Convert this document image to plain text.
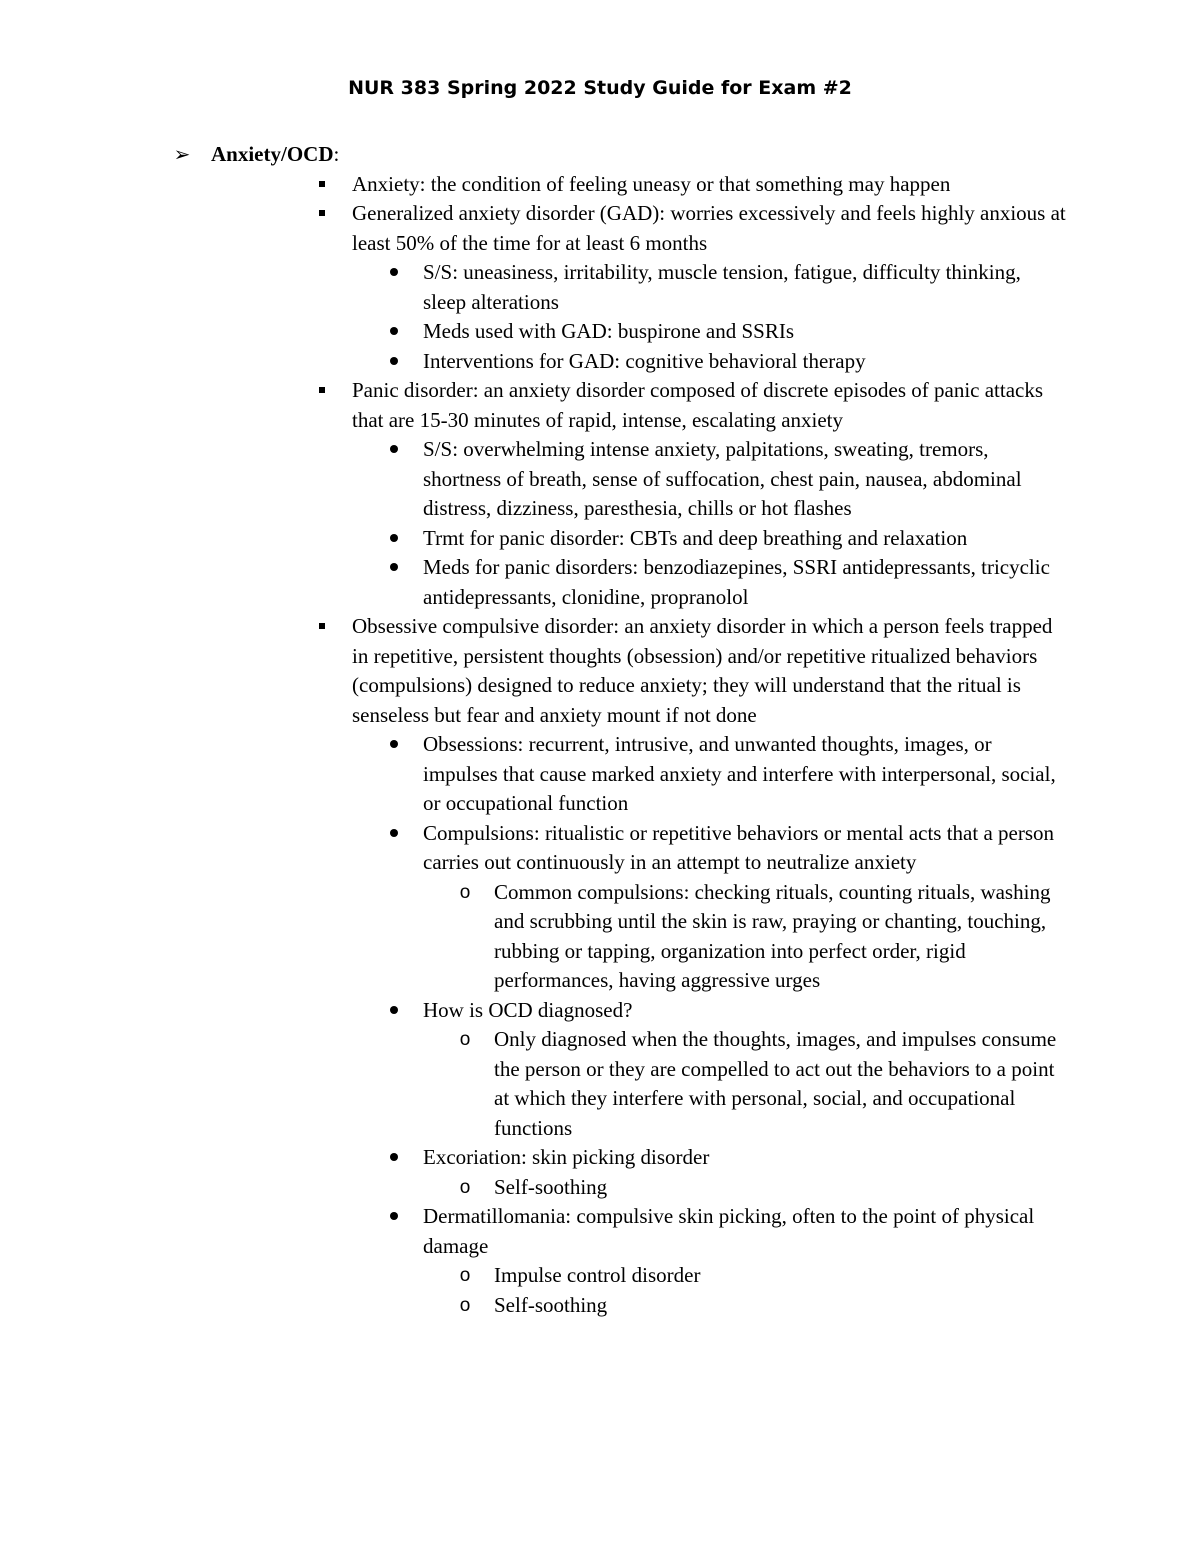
NUR 383 Spring 2022 Study Guide for Exam #2
➢ Anxiety/OCD:
Anxiety: the condition of feeling uneasy or that something may happen
Generalized anxiety disorder (GAD): worries excessively and feels highly anxious at least 50% of the time for at least 6 months
S/S: uneasiness, irritability, muscle tension, fatigue, difficulty thinking, sleep alterations
Meds used with GAD: buspirone and SSRIs
Interventions for GAD: cognitive behavioral therapy
Panic disorder: an anxiety disorder composed of discrete episodes of panic attacks that are 15-30 minutes of rapid, intense, escalating anxiety
S/S: overwhelming intense anxiety, palpitations, sweating, tremors, shortness of breath, sense of suffocation, chest pain, nausea, abdominal distress, dizziness, paresthesia, chills or hot flashes
Trmt for panic disorder: CBTs and deep breathing and relaxation
Meds for panic disorders: benzodiazepines, SSRI antidepressants, tricyclic antidepressants, clonidine, propranolol
Obsessive compulsive disorder: an anxiety disorder in which a person feels trapped in repetitive, persistent thoughts (obsession) and/or repetitive ritualized behaviors (compulsions) designed to reduce anxiety; they will understand that the ritual is senseless but fear and anxiety mount if not done
Obsessions: recurrent, intrusive, and unwanted thoughts, images, or impulses that cause marked anxiety and interfere with interpersonal, social, or occupational function
Compulsions: ritualistic or repetitive behaviors or mental acts that a person carries out continuously in an attempt to neutralize anxiety
o Common compulsions: checking rituals, counting rituals, washing and scrubbing until the skin is raw, praying or chanting, touching, rubbing or tapping, organization into perfect order, rigid performances, having aggressive urges
How is OCD diagnosed?
o Only diagnosed when the thoughts, images, and impulses consume the person or they are compelled to act out the behaviors to a point at which they interfere with personal, social, and occupational functions
Excoriation: skin picking disorder
o Self-soothing
Dermatillomania: compulsive skin picking, often to the point of physical damage
o Impulse control disorder
o Self-soothing
